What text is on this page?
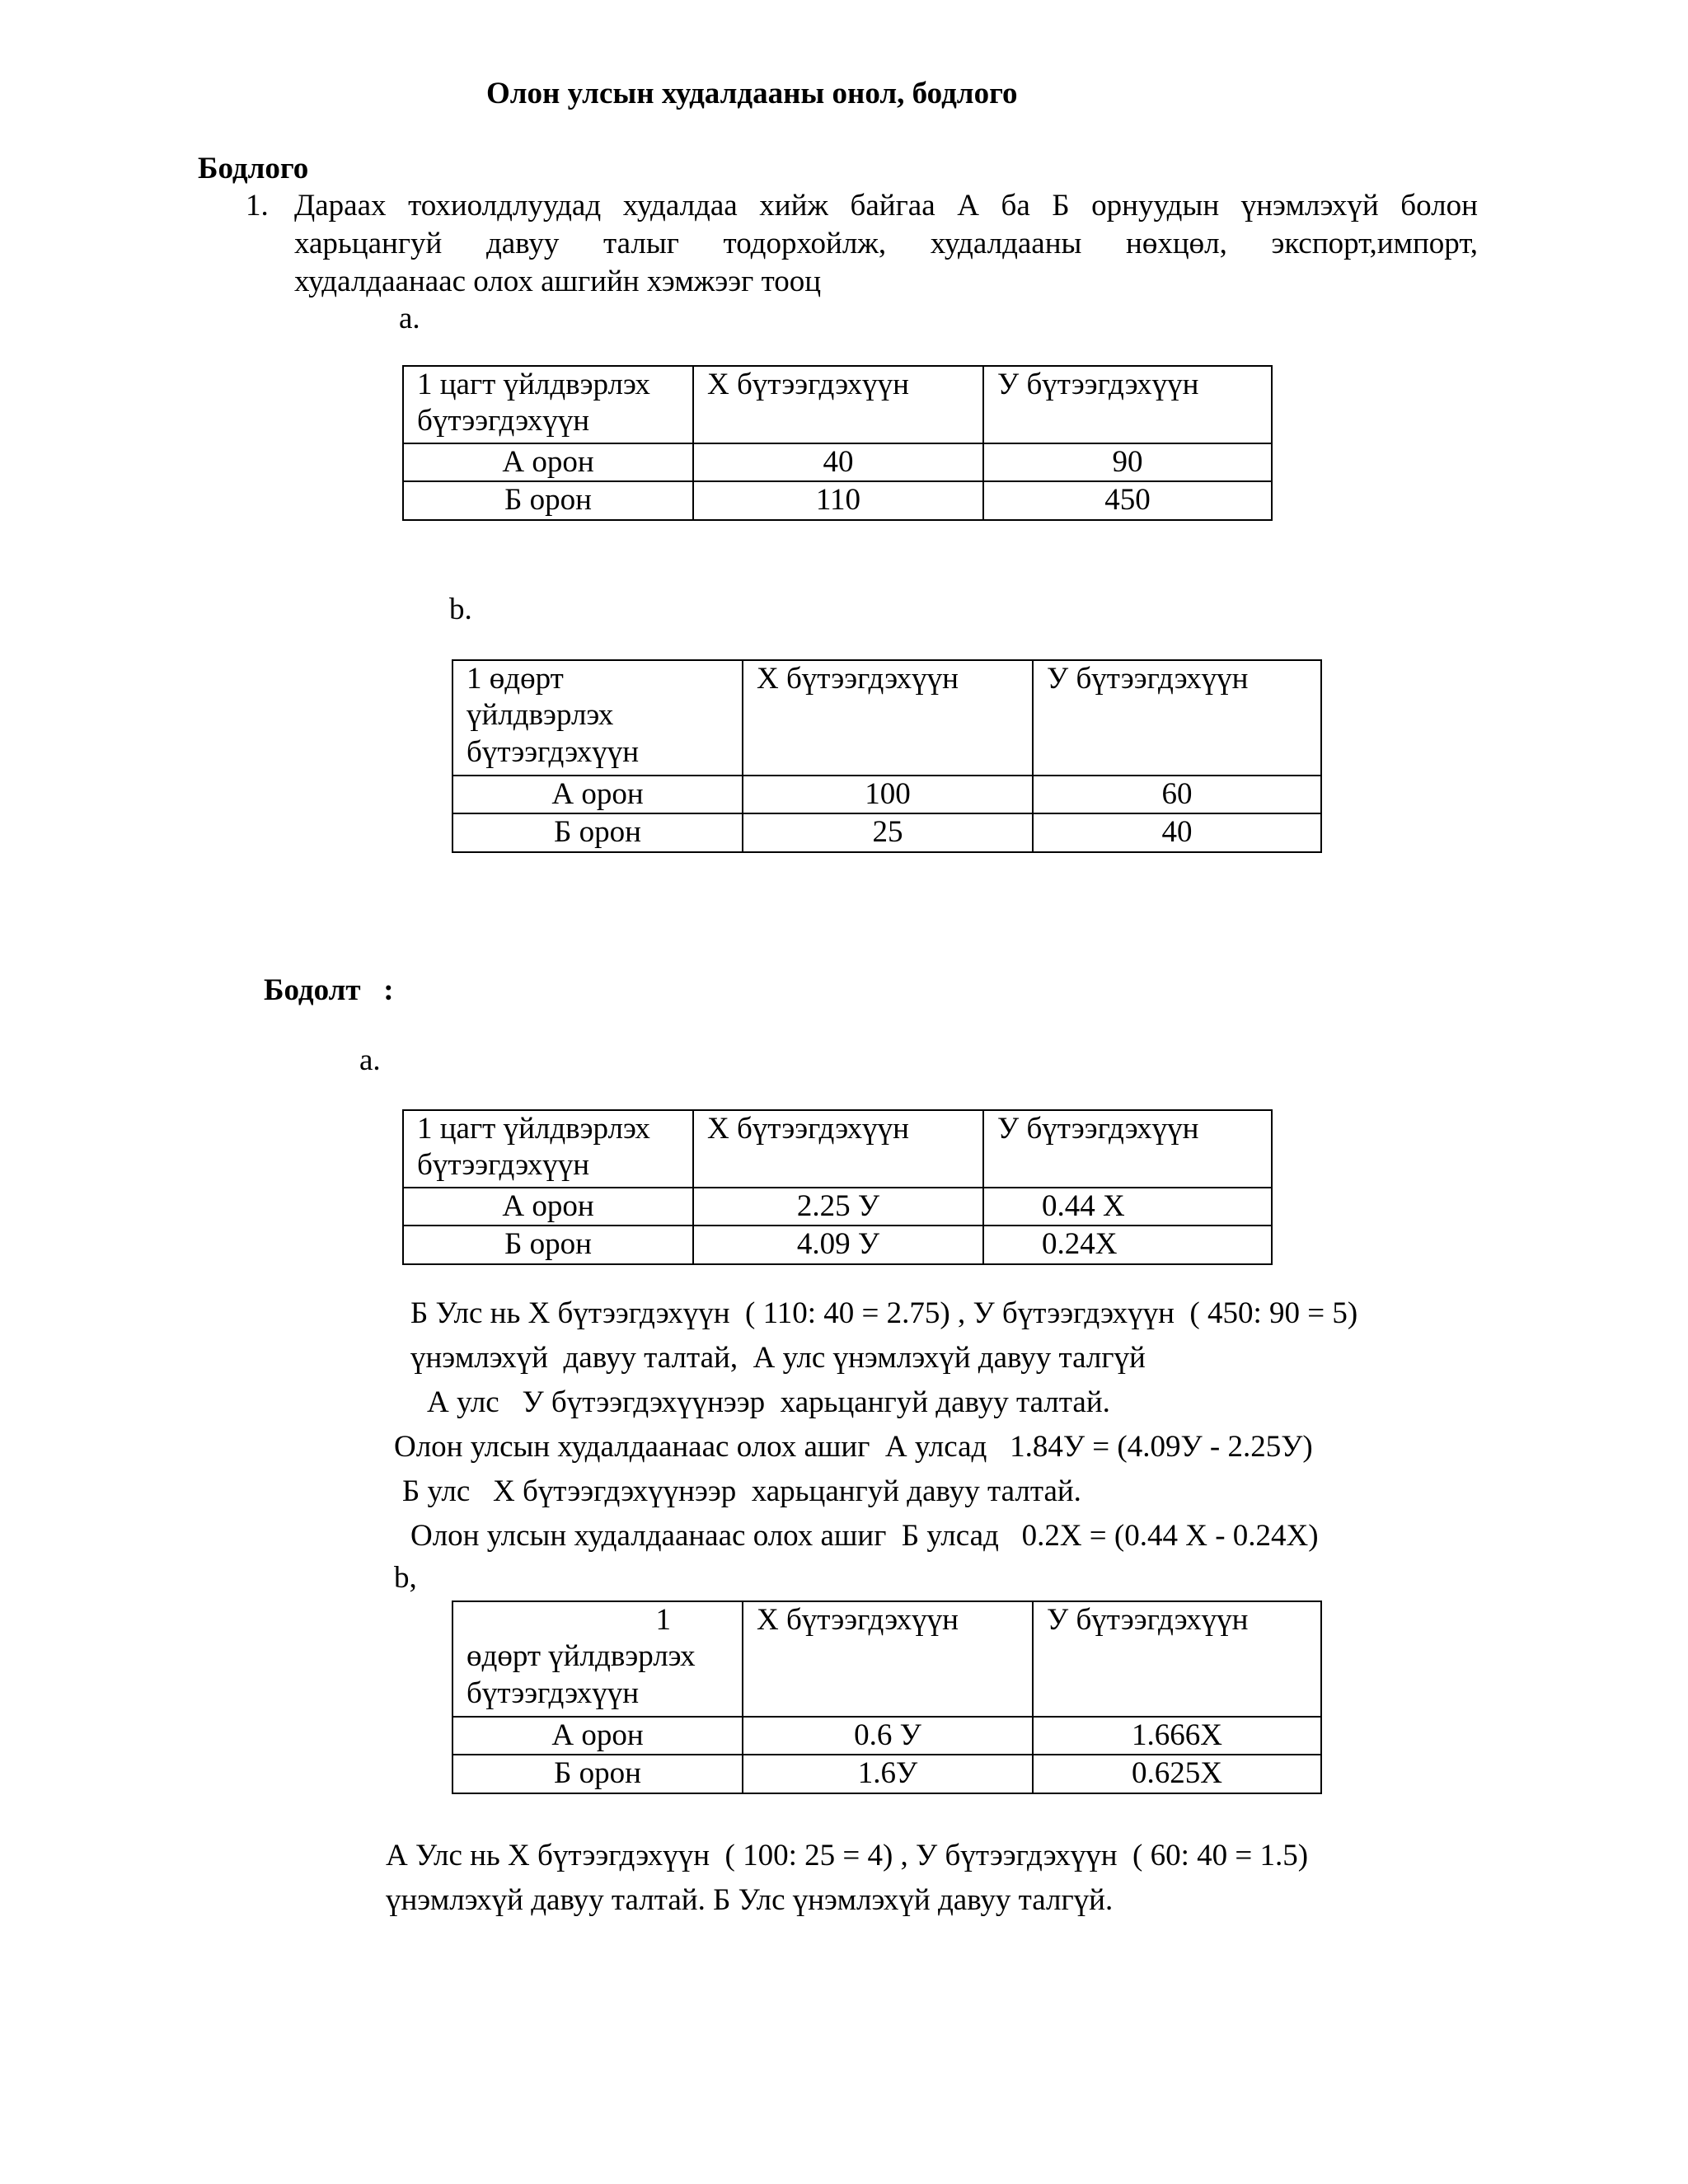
Олон улсын худалдааны онол, бодлого
Бодлого
1. Дараах тохиолдлуудад худалдаа хийж байгаа А ба Б орнуудын үнэмлэхүй болон
харьцангуй давуу талыг тодорхойлж, худалдааны нөхцөл, экспорт,импорт,
худалдаанаас олох ашгийн хэмжээг тооц
a.
1 цагт үйлдвэрлэх бүтээгдэхүүн	Х бүтээгдэхүүн	У бүтээгдэхүүн
А орон	40	90
Б орон	110	450
b.
1 өдөрт үйлдвэрлэх бүтээгдэхүүн	Х бүтээгдэхүүн	У бүтээгдэхүүн
А орон	100	60
Б орон	25	40
Бодолт   :
a.
1 цагт үйлдвэрлэх бүтээгдэхүүн	Х бүтээгдэхүүн	У бүтээгдэхүүн
А орон	2.25 У	0.44 Х
Б орон	4.09 У	0.24Х
Б Улс нь Х бүтээгдэхүүн  ( 110: 40 = 2.75) , У бүтээгдэхүүн  ( 450: 90 = 5)
үнэмлэхүй  давуу талтай,  А улс үнэмлэхүй давуу талгүй
А улс   У бүтээгдэхүүнээр  харьцангуй давуу талтай.
Олон улсын худалдаанаас олох ашиг  А улсад   1.84У = (4.09У - 2.25У)
Б улс   Х бүтээгдэхүүнээр  харьцангуй давуу талтай.
Олон улсын худалдаанаас олох ашиг  Б улсад   0.2Х = (0.44 Х - 0.24Х)
b,
1
өдөрт үйлдвэрлэх бүтээгдэхүүн	Х бүтээгдэхүүн	У бүтээгдэхүүн
А орон	0.6 У	1.666Х
Б орон	1.6У	0.625Х
А Улс нь Х бүтээгдэхүүн  ( 100: 25 = 4) , У бүтээгдэхүүн  ( 60: 40 = 1.5)
үнэмлэхүй давуу талтай. Б Улс үнэмлэхүй давуу талгүй.
